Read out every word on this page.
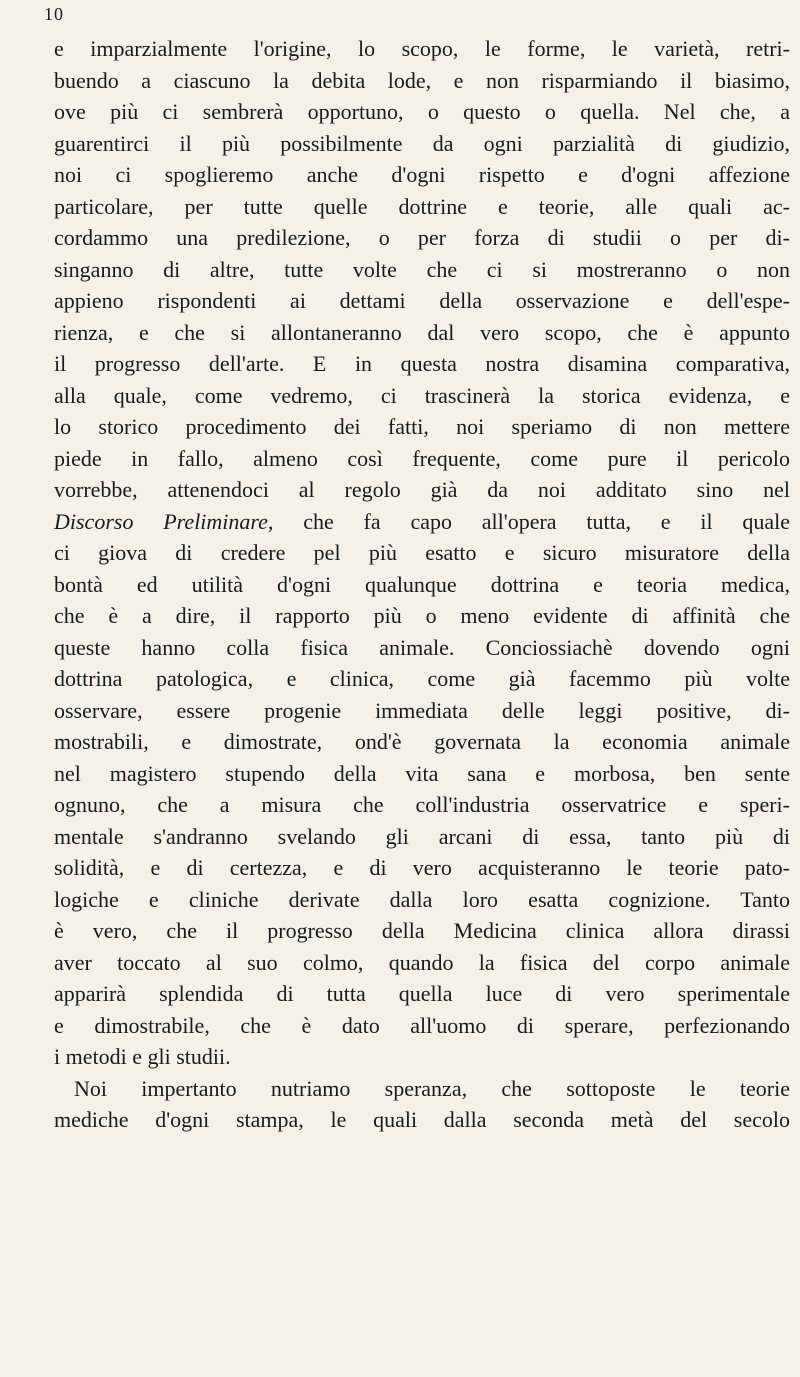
10
e imparzialmente l'origine, lo scopo, le forme, le varietà, retri-
buendo a ciascuno la debita lode, e non risparmiando il biasimo,
ove più ci sembrerà opportuno, o questo o quella. Nel che, a
guarentirci il più possibilmente da ogni parzialità di giudizio,
noi ci spoglieremo anche d'ogni rispetto e d'ogni affezione
particolare, per tutte quelle dottrine e teorie, alle quali ac-
cordammo una predilezione, o per forza di studii o per di-
singanno di altre, tutte volte che ci si mostreranno o non
appieno rispondenti ai dettami della osservazione e dell'espe-
rienza, e che si allontaneranno dal vero scopo, che è appunto
il progresso dell'arte. E in questa nostra disamina comparativa,
alla quale, come vedremo, ci trascinerà la storica evidenza, e
lo storico procedimento dei fatti, noi speriamo di non mettere
piede in fallo, almeno così frequente, come pure il pericolo
vorrebbe, attenendoci al regolo già da noi additato sino nel
Discorso Preliminare, che fa capo all'opera tutta, e il quale
ci giova di credere pel più esatto e sicuro misuratore della
bontà ed utilità d'ogni qualunque dottrina e teoria medica,
che è a dire, il rapporto più o meno evidente di affinità che
queste hanno colla fisica animale. Conciossiachè dovendo ogni
dottrina patologica, e clinica, come già facemmo più volte
osservare, essere progenie immediata delle leggi positive, di-
mostrabili, e dimostrate, ond'è governata la economia animale
nel magistero stupendo della vita sana e morbosa, ben sente
ognuno, che a misura che coll'industria osservatrice e speri-
mentale s'andranno svelando gli arcani di essa, tanto più di
solidità, e di certezza, e di vero acquisteranno le teorie pato-
logiche e cliniche derivate dalla loro esatta cognizione. Tanto
è vero, che il progresso della Medicina clinica allora dirassi
aver toccato al suo colmo, quando la fisica del corpo animale
apparirà splendida di tutta quella luce di vero sperimentale
e dimostrabile, che è dato all'uomo di sperare, perfezionando
i metodi e gli studii.
Noi impertanto nutriamo speranza, che sottoposte le teorie
mediche d'ogni stampa, le quali dalla seconda metà del secolo
